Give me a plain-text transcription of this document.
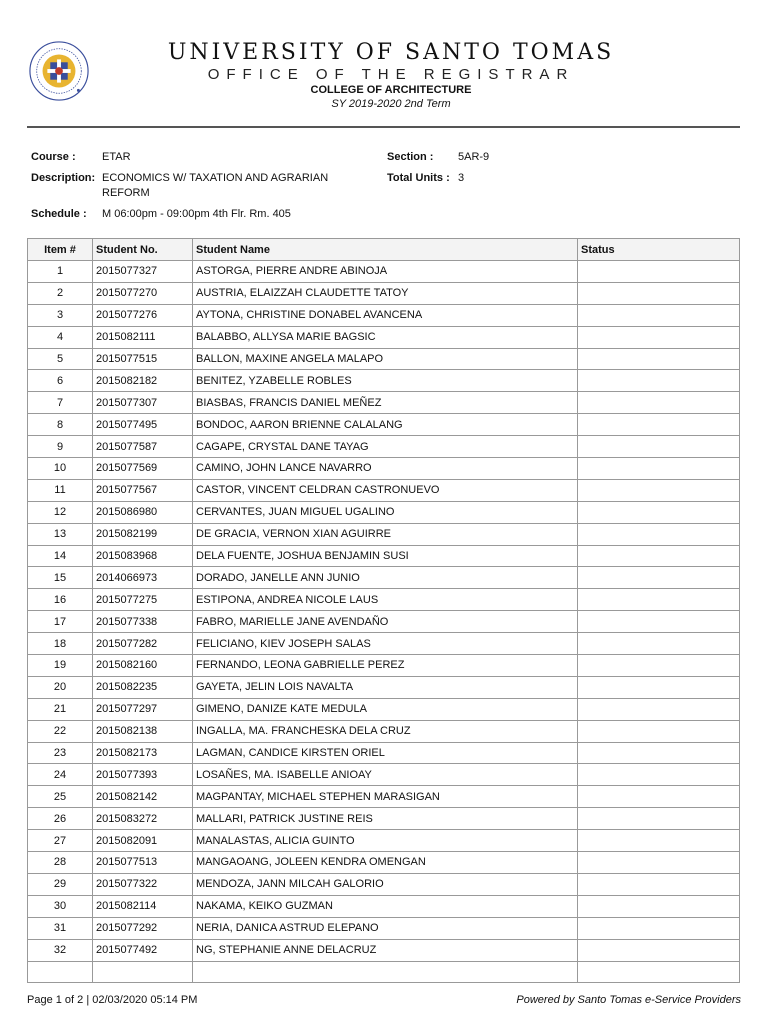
UNIVERSITY OF SANTO TOMAS
OFFICE OF THE REGISTRAR
COLLEGE OF ARCHITECTURE
SY 2019-2020 2nd Term
Course : ETAR	Section : 5AR-9
Description: ECONOMICS W/ TAXATION AND AGRARIAN
REFORM
Total Units : 3
Schedule : M 06:00pm - 09:00pm 4th Flr. Rm. 405
Item #	Student No.	Student Name	Status
1	2015077327	ASTORGA, PIERRE ANDRE ABINOJA	
2	2015077270	AUSTRIA, ELAIZZAH CLAUDETTE TATOY	
3	2015077276	AYTONA, CHRISTINE DONABEL AVANCENA	
4	2015082111	BALABBO, ALLYSA MARIE BAGSIC	
5	2015077515	BALLON, MAXINE ANGELA MALAPO	
6	2015082182	BENITEZ, YZABELLE ROBLES	
7	2015077307	BIASBAS, FRANCIS DANIEL MEÑEZ	
8	2015077495	BONDOC, AARON BRIENNE CALALANG	
9	2015077587	CAGAPE, CRYSTAL DANE TAYAG	
10	2015077569	CAMINO, JOHN LANCE NAVARRO	
11	2015077567	CASTOR, VINCENT CELDRAN CASTRONUEVO	
12	2015086980	CERVANTES, JUAN MIGUEL UGALINO	
13	2015082199	DE GRACIA, VERNON XIAN AGUIRRE	
14	2015083968	DELA FUENTE, JOSHUA BENJAMIN SUSI	
15	2014066973	DORADO, JANELLE ANN JUNIO	
16	2015077275	ESTIPONA, ANDREA NICOLE LAUS	
17	2015077338	FABRO, MARIELLE JANE AVENDAÑO	
18	2015077282	FELICIANO, KIEV JOSEPH SALAS	
19	2015082160	FERNANDO, LEONA GABRIELLE PEREZ	
20	2015082235	GAYETA, JELIN LOIS NAVALTA	
21	2015077297	GIMENO, DANIZE KATE MEDULA	
22	2015082138	INGALLA, MA. FRANCHESKA DELA CRUZ	
23	2015082173	LAGMAN, CANDICE KIRSTEN ORIEL	
24	2015077393	LOSAÑES, MA. ISABELLE ANIOAY	
25	2015082142	MAGPANTAY, MICHAEL STEPHEN MARASIGAN	
26	2015083272	MALLARI, PATRICK JUSTINE REIS	
27	2015082091	MANALASTAS, ALICIA GUINTO	
28	2015077513	MANGAOANG, JOLEEN KENDRA OMENGAN	
29	2015077322	MENDOZA, JANN MILCAH GALORIO	
30	2015082114	NAKAMA, KEIKO GUZMAN	
31	2015077292	NERIA, DANICA ASTRUD ELEPANO	
32	2015077492	NG, STEPHANIE ANNE DELACRUZ	

Page 1 of 2 | 02/03/2020 05:14 PM	Powered by Santo Tomas e-Service Providers
